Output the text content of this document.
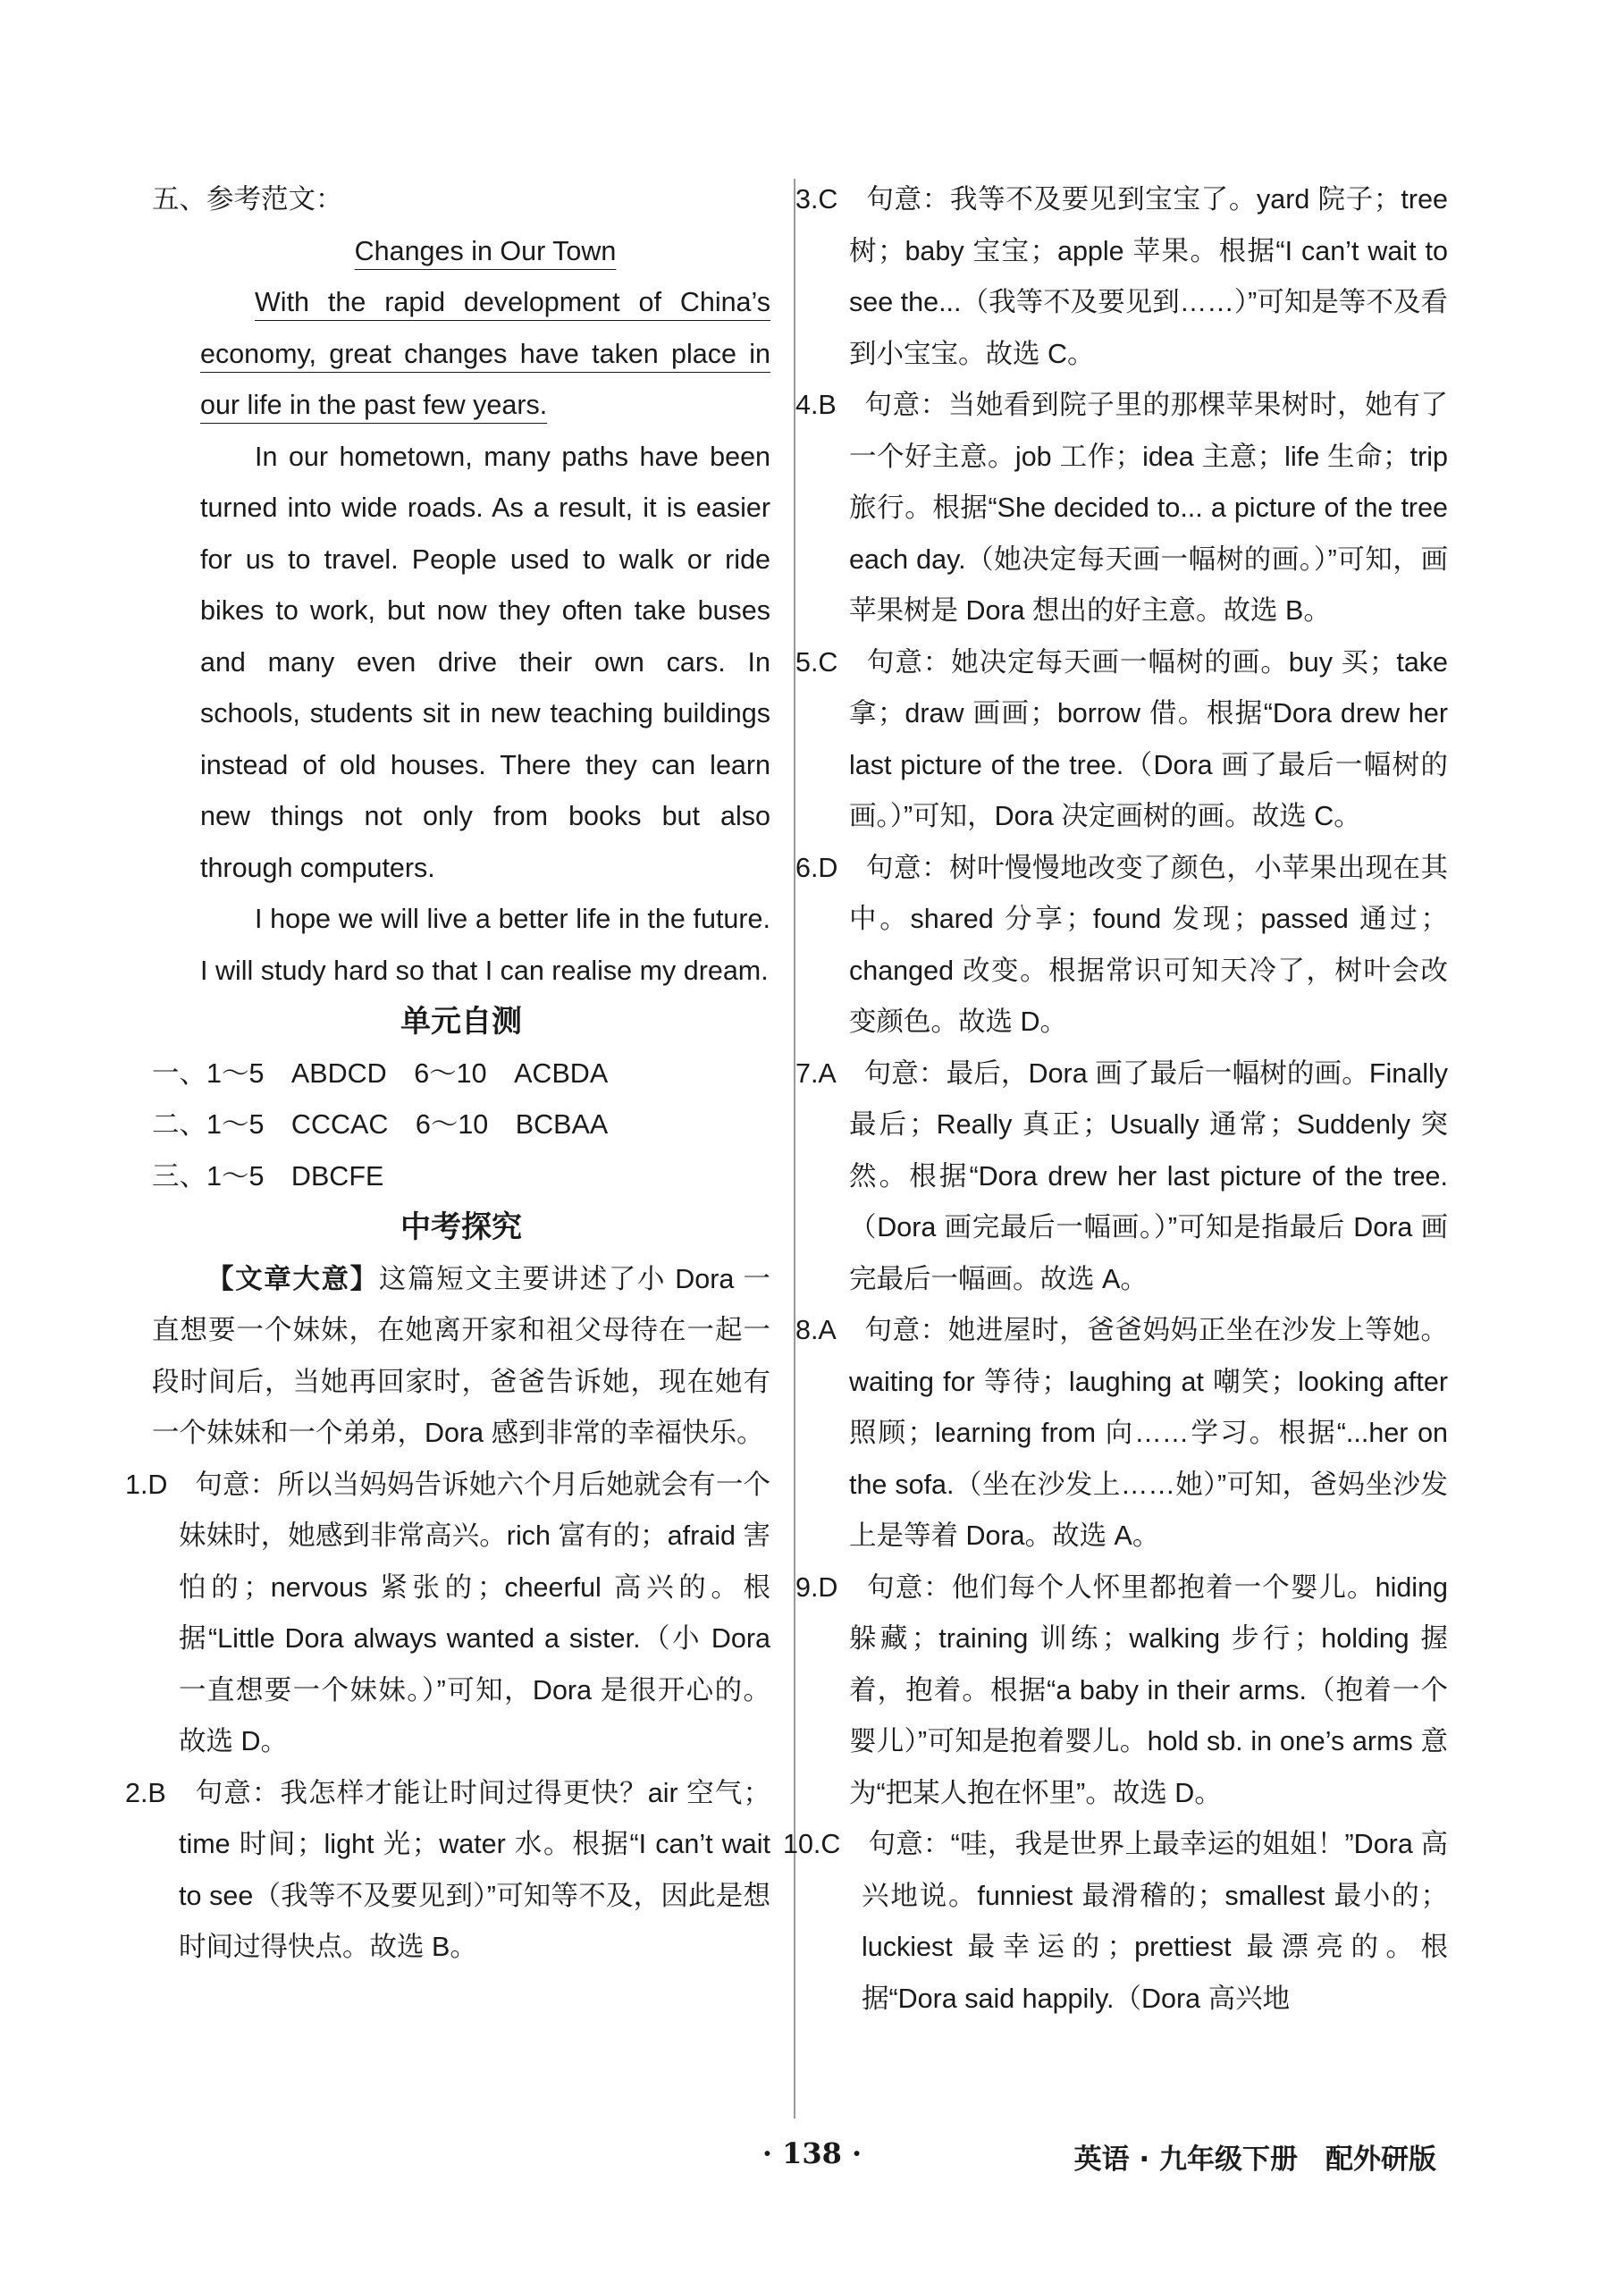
五、参考范文：

Changes in Our Town

With the rapid development of China’s economy, great changes have taken place in our life in the past few years.

In our hometown, many paths have been turned into wide roads. As a result, it is easier for us to travel. People used to walk or ride bikes to work, but now they often take buses and many even drive their own cars. In schools, students sit in new teaching buildings instead of old houses. There they can learn new things not only from books but also through computers.

I hope we will live a better life in the future. I will study hard so that I can realise my dream.

单元自测

一、1～5　ABDCD　6～10　ACBDA

二、1～5　CCCAC　6～10　BCBAA

三、1～5　DBCFE

中考探究

【文章大意】这篇短文主要讲述了小 Dora 一直想要一个妹妹，在她离开家和祖父母待在一起一段时间后，当她再回家时，爸爸告诉她，现在她有一个妹妹和一个弟弟，Dora 感到非常的幸福快乐。

1.D　 句意：所以当妈妈告诉她六个月后她就会有一个妹妹时，她感到非常高兴。rich 富有的；afraid 害怕的；nervous 紧张的；cheerful 高兴的。根据“Little Dora always wanted a sister.（小 Dora 一直想要一个妹妹。）”可知，Dora 是很开心的。故选 D。

2.B　 句意：我怎样才能让时间过得更快？air 空气；time 时间；light 光；water 水。根据“I can’t wait to see（我等不及要见到）”可知等不及，因此是想时间过得快点。故选 B。

3.C　 句意：我等不及要见到宝宝了。yard 院子；tree 树；baby 宝宝；apple 苹果。根据“I can’t wait to see the...（我等不及要见到……）”可知是等不及看到小宝宝。故选 C。

4.B　 句意：当她看到院子里的那棵苹果树时，她有了一个好主意。job 工作；idea 主意；life 生命；trip 旅行。根据“She decided to... a picture of the tree each day.（她决定每天画一幅树的画。）”可知，画苹果树是 Dora 想出的好主意。故选 B。

5.C　 句意：她决定每天画一幅树的画。buy 买；take 拿；draw 画画；borrow 借。根据“Dora drew her last picture of the tree.（Dora 画了最后一幅树的画。）”可知，Dora 决定画树的画。故选 C。

6.D　 句意：树叶慢慢地改变了颜色，小苹果出现在其中。shared 分享；found 发现；passed 通过；changed 改变。根据常识可知天冷了，树叶会改变颜色。故选 D。

7.A　 句意：最后，Dora 画了最后一幅树的画。Finally 最后；Really 真正；Usually 通常；Suddenly 突然。根据“Dora drew her last picture of the tree.（Dora 画完最后一幅画。）”可知是指最后 Dora 画完最后一幅画。故选 A。

8.A　 句意：她进屋时，爸爸妈妈正坐在沙发上等她。waiting for 等待；laughing at 嘲笑；looking after 照顾；learning from 向……学习。根据“...her on the sofa.（坐在沙发上……她）”可知，爸妈坐沙发上是等着 Dora。故选 A。

9.D　 句意：他们每个人怀里都抱着一个婴儿。hiding 躲藏；training 训练；walking 步行；holding 握着，抱着。根据“a baby in their arms.（抱着一个婴儿）”可知是抱着婴儿。hold sb. in one’s arms 意为“把某人抱在怀里”。故选 D。

10.C　 句意：“哇，我是世界上最幸运的姐姐！”Dora 高兴地说。funniest 最滑稽的；smallest 最小的；luckiest 最幸运的；prettiest 最漂亮的。根据“Dora said happily.（Dora 高兴地

· 138 ·	英语 · 九年级下册　配外研版
